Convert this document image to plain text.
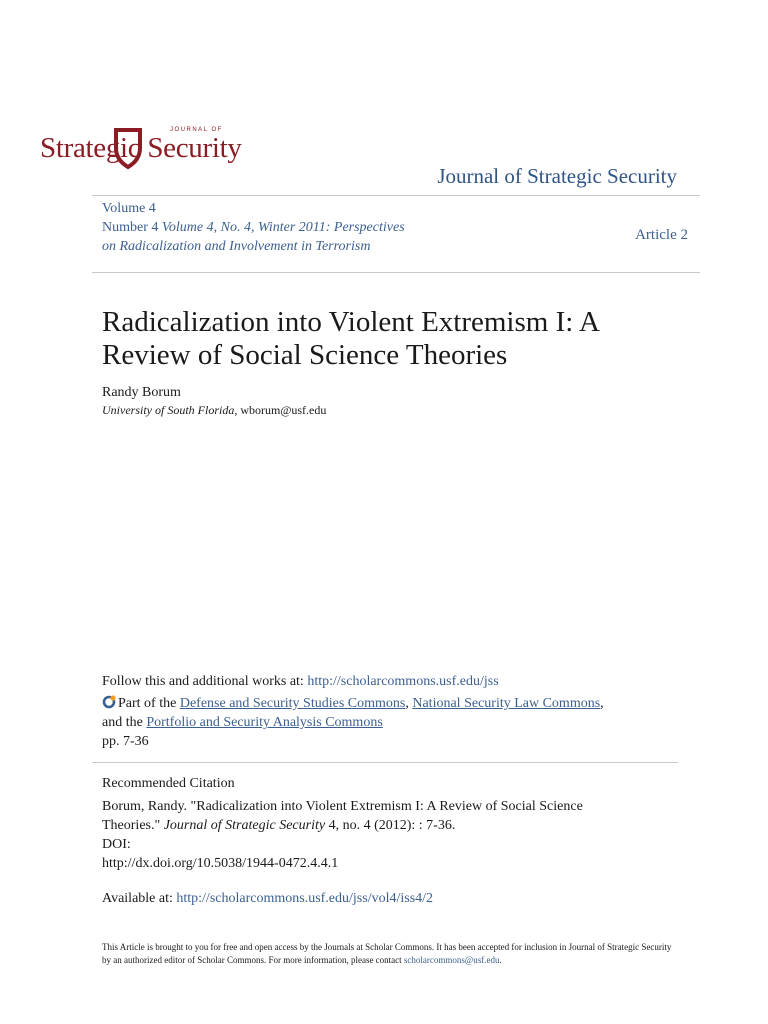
JOURNAL OF
Strategic Security
Journal of Strategic Security
Volume 4
Number 4 Volume 4, No. 4, Winter 2011: Perspectives on Radicalization and Involvement in Terrorism
Article 2
Radicalization into Violent Extremism I: A Review of Social Science Theories
Randy Borum
University of South Florida, wborum@usf.edu
Follow this and additional works at: http://scholarcommons.usf.edu/jss
Part of the Defense and Security Studies Commons, National Security Law Commons,
and the Portfolio and Security Analysis Commons
pp. 7-36
Recommended Citation
Borum, Randy. "Radicalization into Violent Extremism I: A Review of Social Science
Theories." Journal of Strategic Security 4, no. 4 (2012): : 7-36.
DOI:
http://dx.doi.org/10.5038/1944-0472.4.4.1
Available at: http://scholarcommons.usf.edu/jss/vol4/iss4/2
This Article is brought to you for free and open access by the Journals at Scholar Commons. It has been accepted for inclusion in Journal of Strategic Security by an authorized editor of Scholar Commons. For more information, please contact scholarcommons@usf.edu.
